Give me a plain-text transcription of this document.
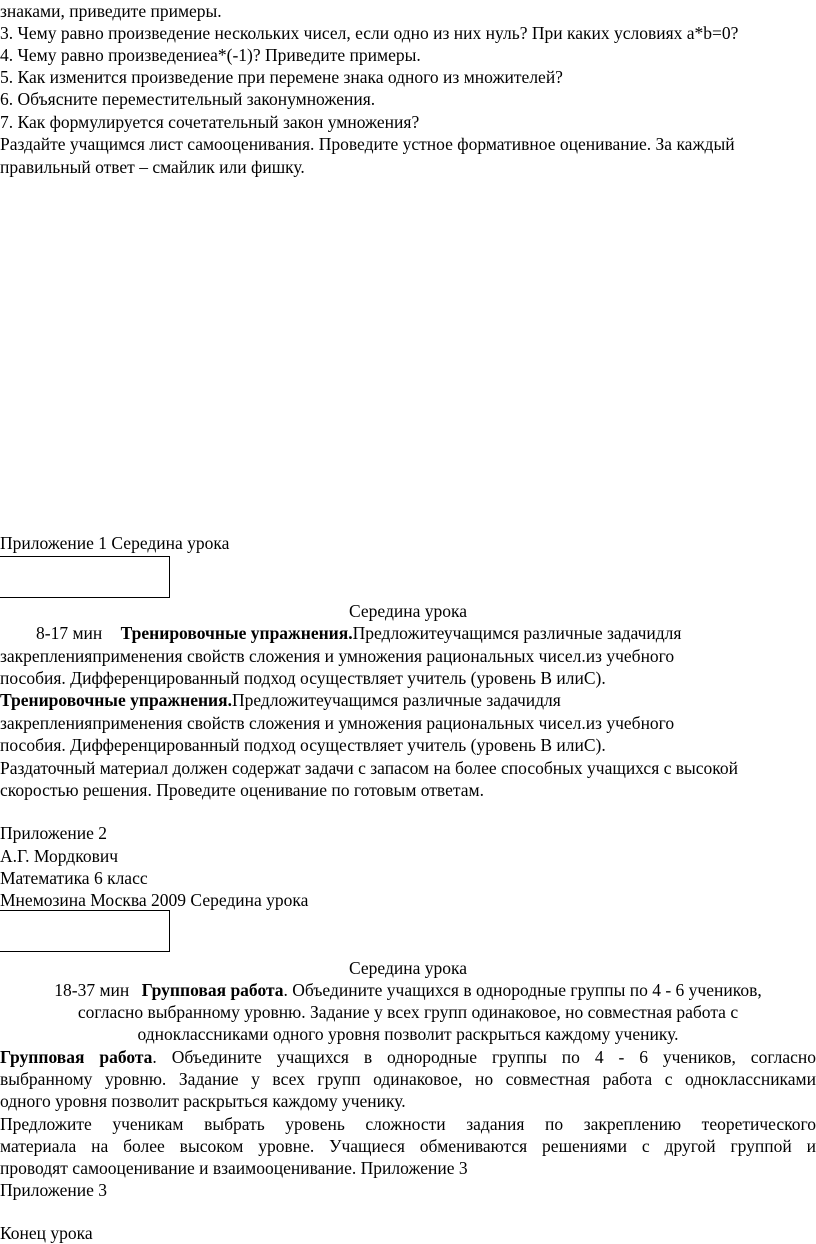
знаками, приведите примеры.
3. Чему равно произведение нескольких чисел, если одно из них нуль? При каких условиях a*b=0?
4. Чему равно произведениеa*(-1)? Приведите примеры.
5. Как изменится произведение при перемене знака одного из множителей?
6. Объясните переместительный законумножения.
7. Как формулируется сочетательный закон умножения?
Раздайте учащимся лист самооценивания. Проведите устное формативное оценивание. За каждый
правильный ответ – смайлик или фишку.
Приложение 1 Середина урока
Середина урока
8-17 мин Тренировочные упражнения.Предложитеучащимся различные задачидля
закрепленияприменения свойств сложения и умножения рациональных чисел.из учебного
пособия. Дифференцированный подход осуществляет учитель (уровень В илиС).
Тренировочные упражнения.Предложитеучащимся различные задачидля
закрепленияприменения свойств сложения и умножения рациональных чисел.из учебного
пособия. Дифференцированный подход осуществляет учитель (уровень В илиС).
Раздаточный материал должен содержат задачи с запасом на более способных учащихся с высокой
скоростью решения. Проведите оценивание по готовым ответам.
Приложение 2
А.Г. Мордкович
Математика 6 класс
Мнемозина Москва 2009 Середина урока
Середина урока
18-37 мин Групповая работа. Объедините учащихся в однородные группы по 4 - 6 учеников,
согласно выбранному уровню. Задание у всех групп одинаковое, но совместная работа с
одноклассниками одного уровня позволит раскрыться каждому ученику.
Групповая работа. Объедините учащихся в однородные группы по 4 - 6 учеников, согласно
выбранному уровню. Задание у всех групп одинаковое, но совместная работа с одноклассниками
одного уровня позволит раскрыться каждому ученику.
Предложите ученикам выбрать уровень сложности задания по закреплению теоретического
материала на более высоком уровне. Учащиеся обмениваются решениями с другой группой и
проводят самооценивание и взаимооценивание. Приложение 3
Приложение 3
Конец урока
